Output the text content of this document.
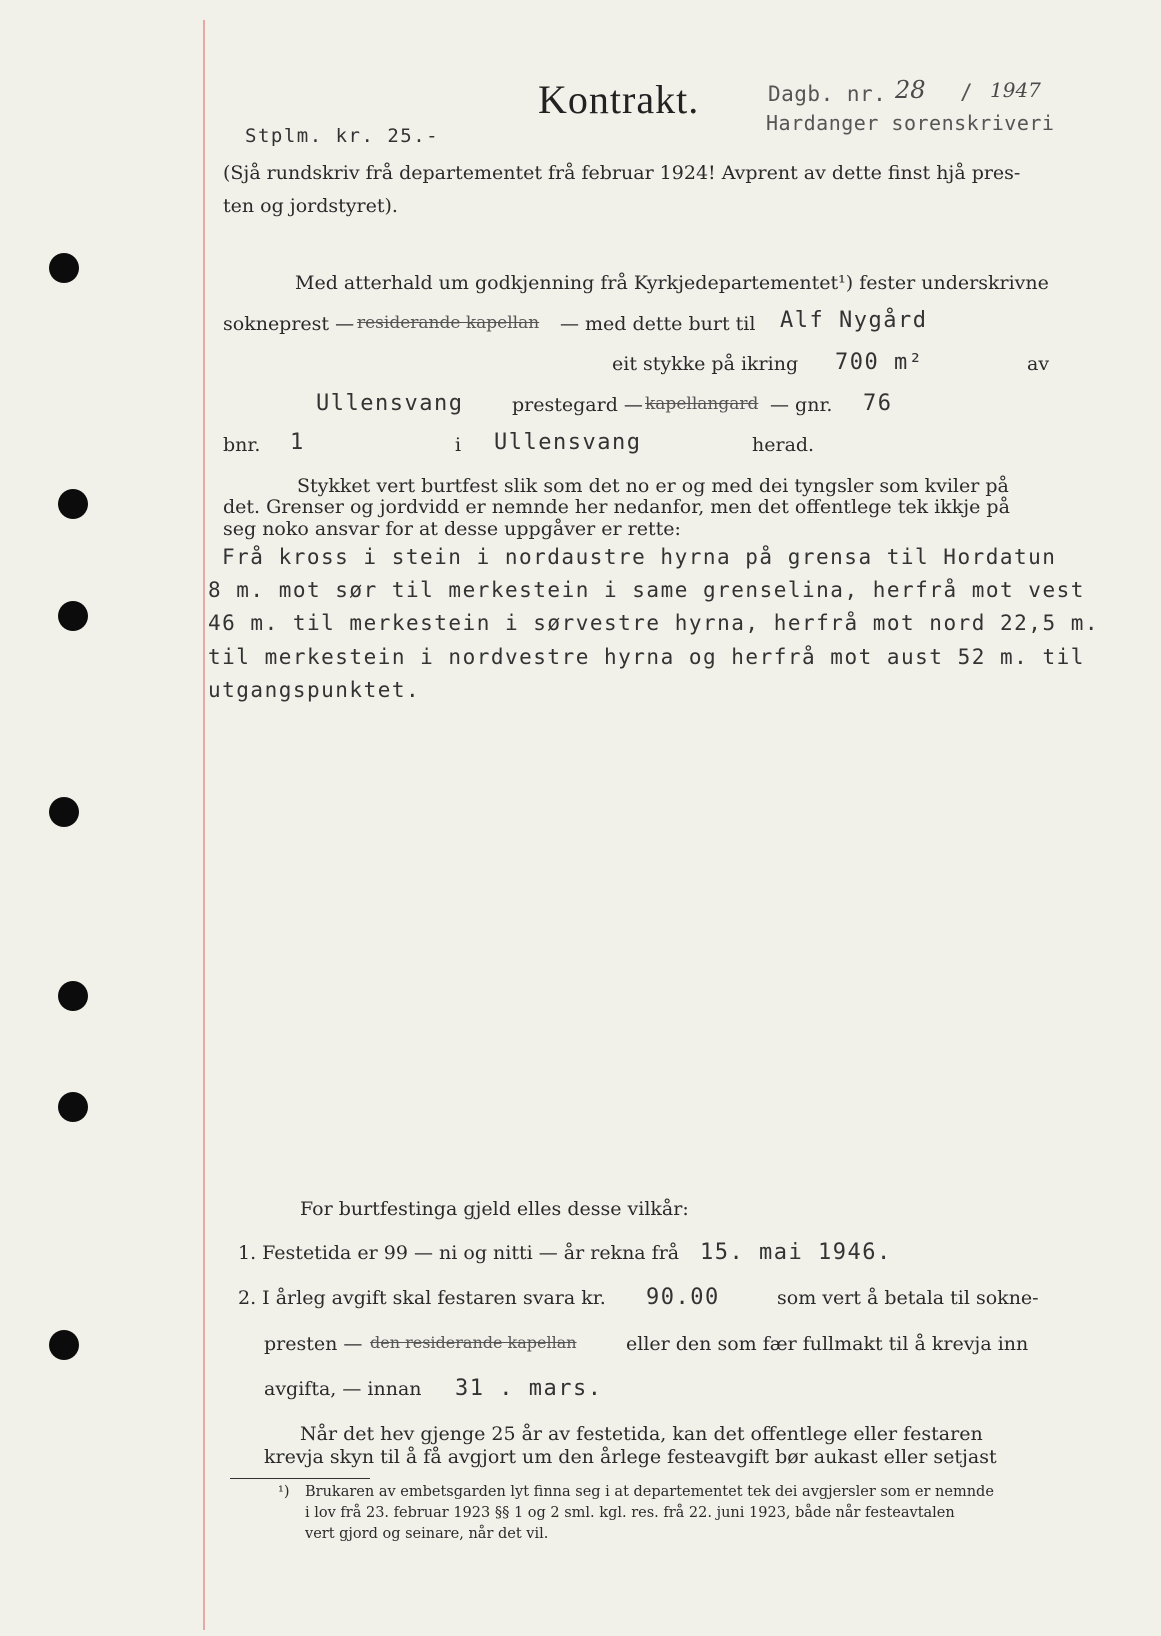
Kontrakt.	Dagb. nr. 28 / 1947
Hardanger sorenskriveri
Stplm. kr. 25.-
(Sjå rundskriv frå departementet frå februar 1924! Avprent av dette finst hjå pres-
ten og jordstyret).
Med atterhald um godkjenning frå Kyrkjedepartementet¹) fester underskrivne
sokneprest — residerande kapellan — med dette burt til Alf Nygård
eit stykke på ikring 700 m²	av
Ullensvang	prestegard — kapellangard — gnr. 76
bnr. 1	i Ullensvang	herad.
Stykket vert burtfest slik som det no er og med dei tyngsler som kviler på
det. Grenser og jordvidd er nemnde her nedanfor, men det offentlege tek ikkje på
seg noko ansvar for at desse uppgåver er rette:
Frå kross i stein i nordaustre hyrna på grensa til Hordatun
8 m. mot sør til merkestein i same grenselina, herfrå mot vest
46 m. til merkestein i sørvestre hyrna, herfrå mot nord 22,5 m.
til merkestein i nordvestre hyrna og herfrå mot aust 52 m. til
utgangspunktet.
For burtfestinga gjeld elles desse vilkår:
1. Festetida er 99 — ni og nitti — år rekna frå 15. mai 1946.
2. I årleg avgift skal festaren svara kr. 90.00	som vert å betala til sokne-
presten — den residerande kapellan	eller den som fær fullmakt til å krevja inn
avgifta, — innan 31 . mars.
Når det hev gjenge 25 år av festetida, kan det offentlege eller festaren
krevja skyn til å få avgjort um den årlege festeavgift bør aukast eller setjast
¹) Brukaren av embetsgarden lyt finna seg i at departementet tek dei avgjersler som er nemnde
i lov frå 23. februar 1923 §§ 1 og 2 sml. kgl. res. frå 22. juni 1923, både når festeavtalen
vert gjord og seinare, når det vil.
